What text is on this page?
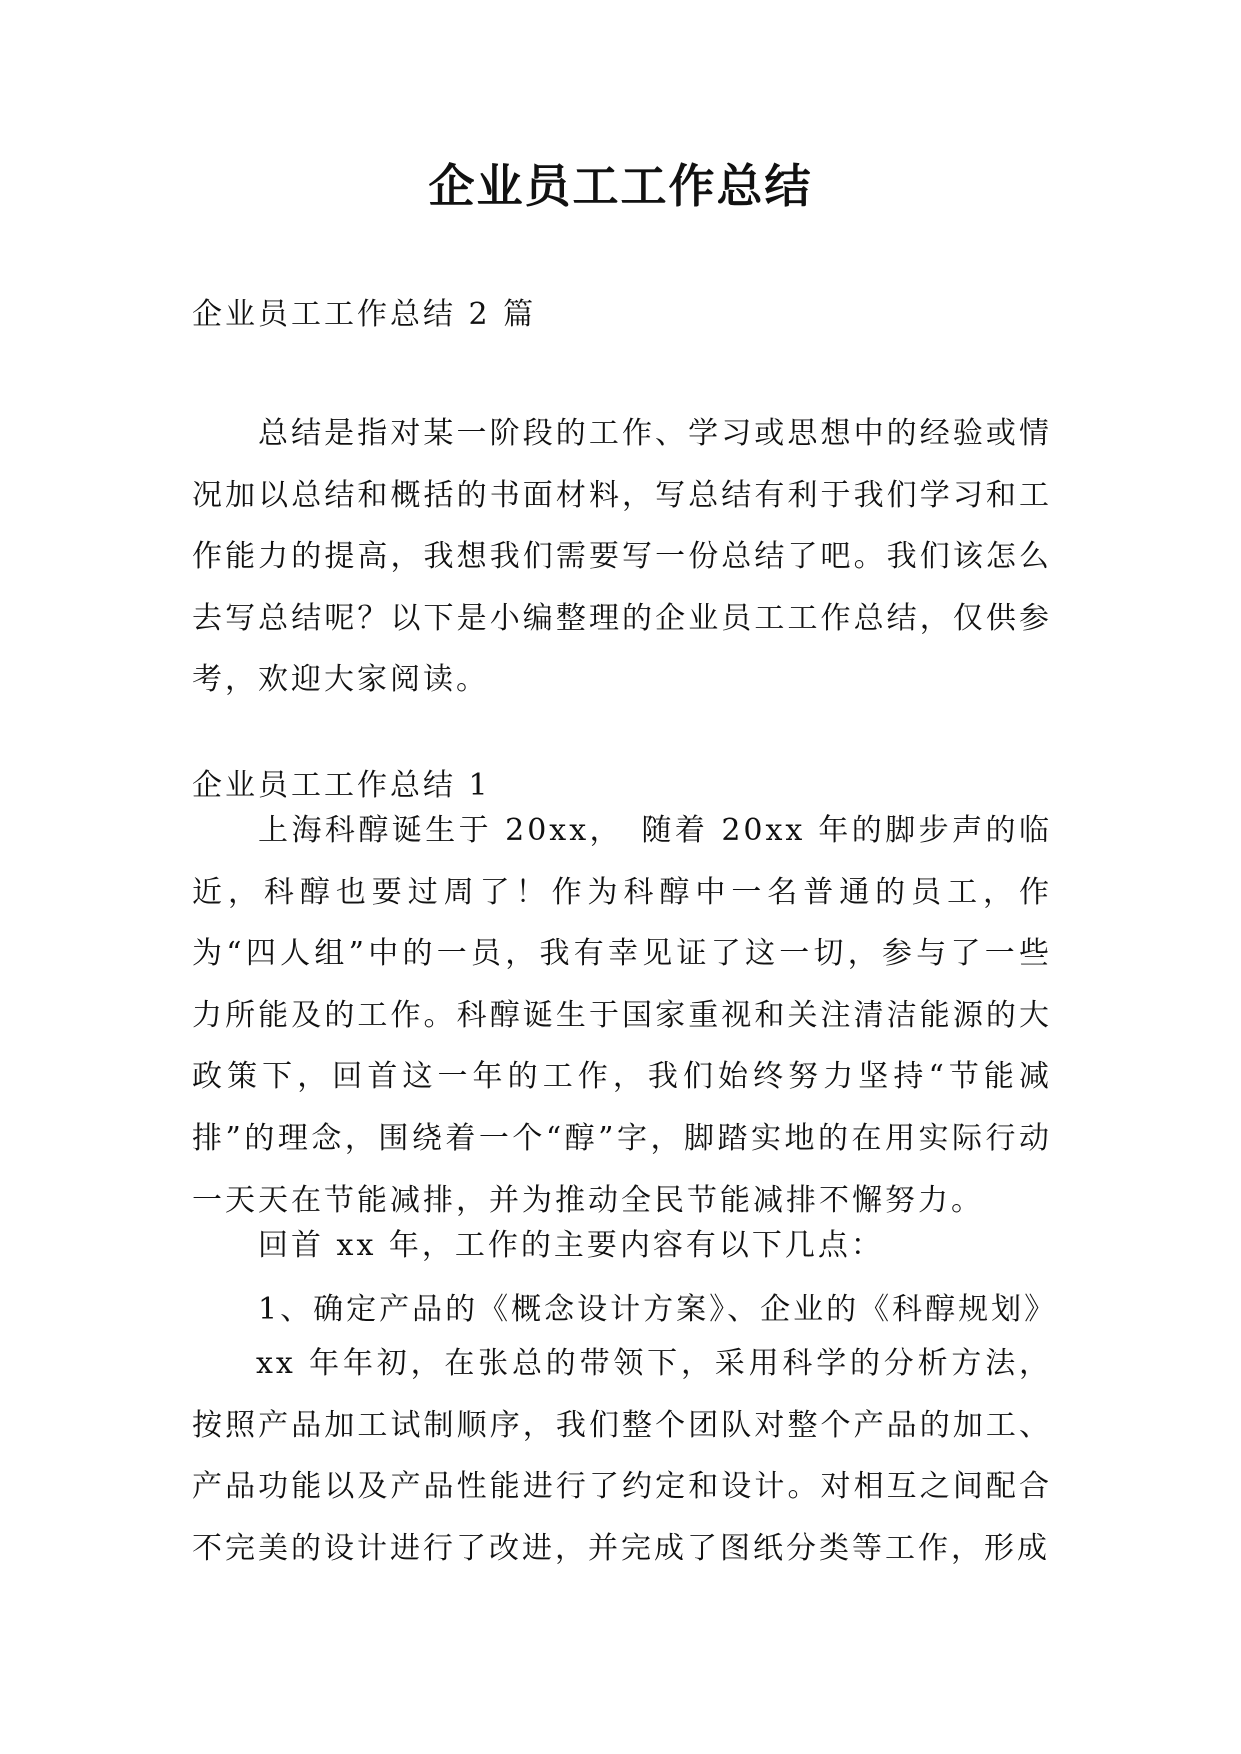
企业员工工作总结
企业员工工作总结 2 篇

总结是指对某一阶段的工作、学习或思想中的经验或情况加以总结和概括的书面材料，写总结有利于我们学习和工作能力的提高，我想我们需要写一份总结了吧。我们该怎么去写总结呢？以下是小编整理的企业员工工作总结，仅供参考，欢迎大家阅读。

企业员工工作总结 1

上海科醇诞生于 20xx，　随着 20xx 年的脚步声的临近，科醇也要过周了！作为科醇中一名普通的员工，作为“四人组”中的一员，我有幸见证了这一切，参与了一些力所能及的工作。科醇诞生于国家重视和关注清洁能源的大政策下，回首这一年的工作，我们始终努力坚持“节能减排”的理念，围绕着一个“醇”字，脚踏实地的在用实际行动一天天在节能减排，并为推动全民节能减排不懈努力。

回首 xx 年，工作的主要内容有以下几点：
1、确定产品的《概念设计方案》、企业的《科醇规划》

xx 年年初，在张总的带领下，采用科学的分析方法，按照产品加工试制顺序，我们整个团队对整个产品的加工、产品功能以及产品性能进行了约定和设计。对相互之间配合不完美的设计进行了改进，并完成了图纸分类等工作，形成
